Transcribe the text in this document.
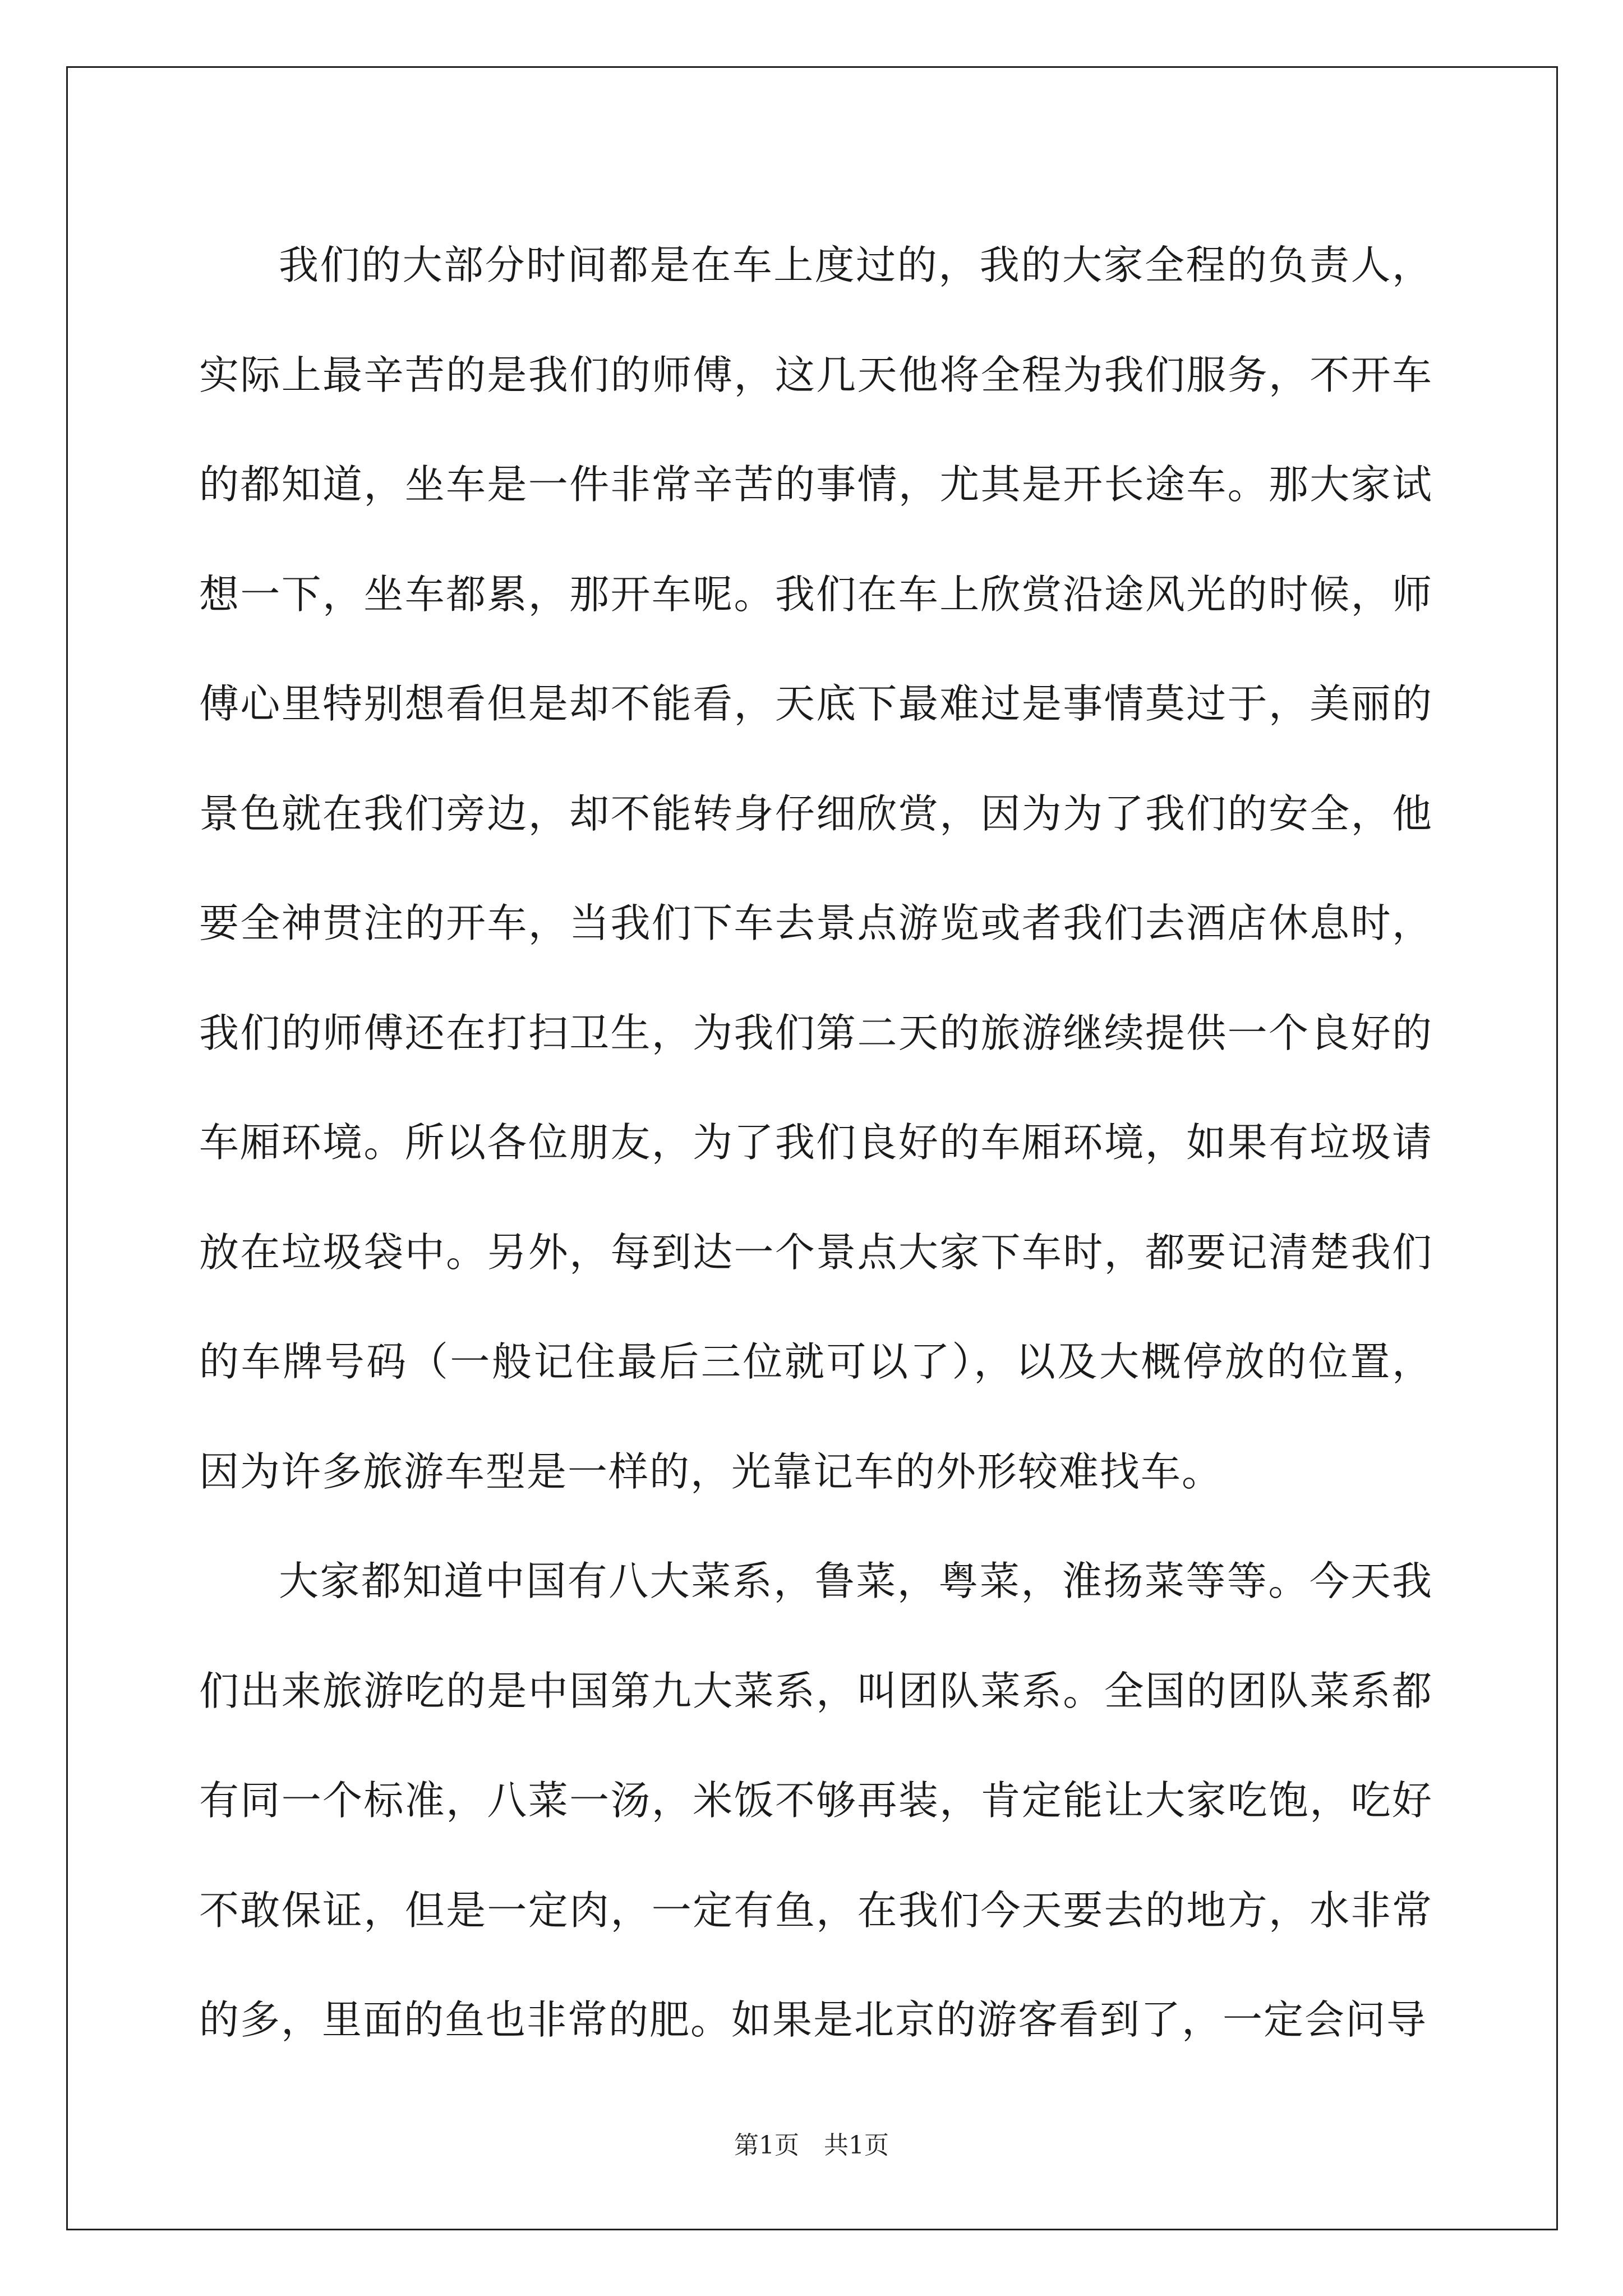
我们的大部分时间都是在车上度过的，我的大家全程的负责人，实际上最辛苦的是我们的师傅，这几天他将全程为我们服务，不开车的都知道，坐车是一件非常辛苦的事情，尤其是开长途车。那大家试想一下，坐车都累，那开车呢。我们在车上欣赏沿途风光的时候，师傅心里特别想看但是却不能看，天底下最难过是事情莫过于，美丽的景色就在我们旁边，却不能转身仔细欣赏，因为为了我们的安全，他要全神贯注的开车，当我们下车去景点游览或者我们去酒店休息时，我们的师傅还在打扫卫生，为我们第二天的旅游继续提供一个良好的车厢环境。所以各位朋友，为了我们良好的车厢环境，如果有垃圾请放在垃圾袋中。另外，每到达一个景点大家下车时，都要记清楚我们的车牌号码（一般记住最后三位就可以了），以及大概停放的位置，因为许多旅游车型是一样的，光靠记车的外形较难找车。

大家都知道中国有八大菜系，鲁菜，粤菜，淮扬菜等等。今天我们出来旅游吃的是中国第九大菜系，叫团队菜系。全国的团队菜系都有同一个标准，八菜一汤，米饭不够再装，肯定能让大家吃饱，吃好不敢保证，但是一定肉，一定有鱼，在我们今天要去的地方，水非常的多，里面的鱼也非常的肥。如果是北京的游客看到了，一定会问导

第1页　共1页
